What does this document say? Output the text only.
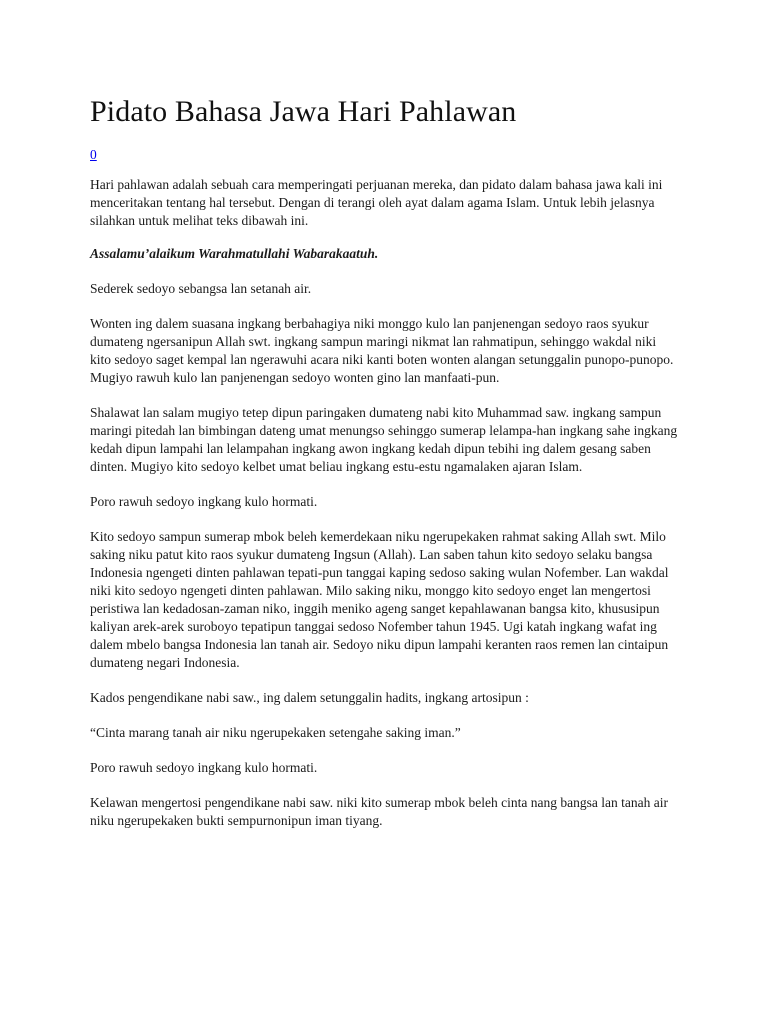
Pidato Bahasa Jawa Hari Pahlawan
0

Hari pahlawan adalah sebuah cara memperingati perjuanan mereka, dan pidato dalam bahasa jawa kali ini menceritakan tentang hal tersebut. Dengan di terangi oleh ayat dalam agama Islam. Untuk lebih jelasnya silahkan untuk melihat teks dibawah ini.

Assalamu’alaikum Warahmatullahi Wabarakaatuh.

Sederek sedoyo sebangsa lan setanah air.

Wonten ing dalem suasana ingkang berbahagiya niki monggo kulo lan panjenengan sedoyo raos syukur dumateng ngersanipun Allah swt. ingkang sampun maringi nikmat lan rahmatipun, sehinggo wakdal niki kito sedoyo saget kempal lan ngerawuhi acara niki kanti boten wonten alangan setunggalin punopo-punopo. Mugiyo rawuh kulo lan panjenengan sedoyo wonten gino lan manfaati-pun.

Shalawat lan salam mugiyo tetep dipun paringaken dumateng nabi kito Muhammad saw. ingkang sampun maringi pitedah lan bimbingan dateng umat menungso sehinggo sumerap lelampa-han ingkang sahe ingkang kedah dipun lampahi lan lelampahan ingkang awon ingkang kedah dipun tebihi ing dalem gesang saben dinten. Mugiyo kito sedoyo kelbet umat beliau ingkang estu-estu ngamalaken ajaran Islam.

Poro rawuh sedoyo ingkang kulo hormati.

Kito sedoyo sampun sumerap mbok beleh kemerdekaan niku ngerupekaken rahmat saking Allah swt. Milo saking niku patut kito raos syukur dumateng Ingsun (Allah). Lan saben tahun kito sedoyo selaku bangsa Indonesia ngengeti dinten pahlawan tepati-pun tanggai kaping sedoso saking wulan Nofember. Lan wakdal niki kito sedoyo ngengeti dinten pahlawan. Milo saking niku, monggo kito sedoyo enget lan mengertosi peristiwa lan kedadosan-zaman niko, inggih meniko ageng sanget kepahlawanan bangsa kito, khususipun kaliyan arek-arek suroboyo tepatipun tanggai sedoso Nofember tahun 1945. Ugi katah ingkang wafat ing dalem mbelo bangsa Indonesia lan tanah air. Sedoyo niku dipun lampahi keranten raos remen lan cintaipun dumateng negari Indonesia.

Kados pengendikane nabi saw., ing dalem setunggalin hadits, ingkang artosipun :

“Cinta marang tanah air niku ngerupekaken setengahe saking iman.”

Poro rawuh sedoyo ingkang kulo hormati.

Kelawan mengertosi pengendikane nabi saw. niki kito sumerap mbok beleh cinta nang bangsa lan tanah air niku ngerupekaken bukti sempurnonipun iman tiyang.
